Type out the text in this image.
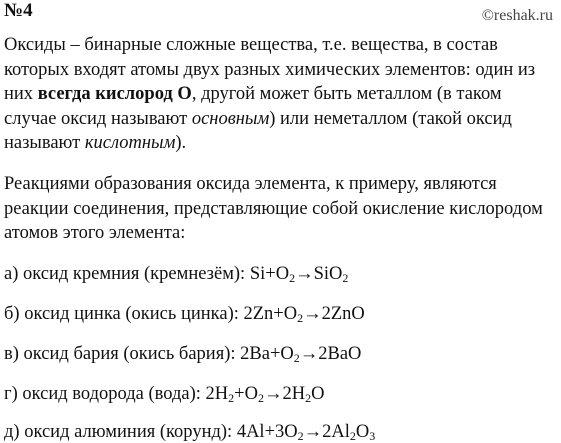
№4	©reshak.ru

Оксиды – бинарные сложные вещества, т.е. вещества, в состав которых входят атомы двух разных химических элементов: один из них всегда кислород О, другой может быть металлом (в таком случае оксид называют основным) или неметаллом (такой оксид называют кислотным).

Реакциями образования оксида элемента, к примеру, являются реакции соединения, представляющие собой окисление кислородом атомов этого элемента:

а) оксид кремния (кремнезём): $Si+O_2\to SiO_2$
б) оксид цинка (окись цинка): $2Zn+O_2\to 2ZnO$
в) оксид бария (окись бария): $2Ba+O_2\to 2BaO$
г) оксид водорода (вода): $2H_2+O_2\to 2H_2O$
д) оксид алюминия (корунд): $4Al+3O_2\to 2Al_2O_3$
